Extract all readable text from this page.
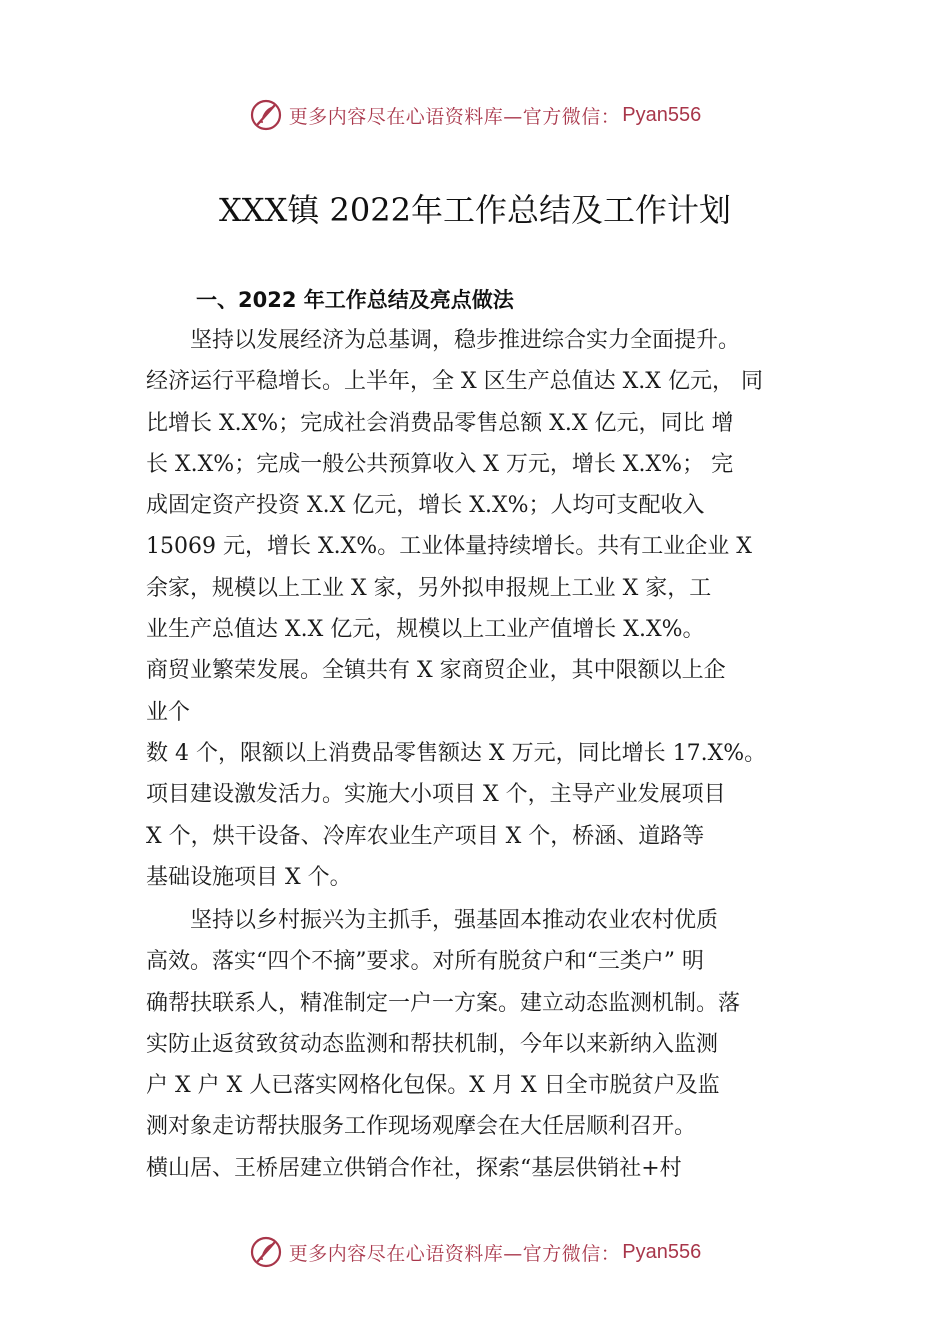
更多内容尽在心语资料库—官方微信： Pyan556
XXX镇 2022年工作总结及工作计划
一、2022 年工作总结及亮点做法
坚持以发展经济为总基调，稳步推进综合实力全面提升。
经济运行平稳增长。上半年，全 X 区生产总值达 X.X 亿元， 同
比增长 X.X%；完成社会消费品零售总额 X.X 亿元，同比 增
长 X.X%；完成一般公共预算收入 X 万元，增长 X.X%； 完
成固定资产投资 X.X 亿元，增长 X.X%；人均可支配收入
15069 元，增长 X.X%。工业体量持续增长。共有工业企业 X
余家，规模以上工业 X 家，另外拟申报规上工业 X 家，工
业生产总值达 X.X 亿元，规模以上工业产值增长 X.X%。
商贸业繁荣发展。全镇共有 X 家商贸企业，其中限额以上企
业个
数 4 个，限额以上消费品零售额达 X 万元，同比增长 17.X%。
项目建设激发活力。实施大小项目 X 个，主导产业发展项目
X 个，烘干设备、冷库农业生产项目 X 个，桥涵、道路等
基础设施项目 X 个。
坚持以乡村振兴为主抓手，强基固本推动农业农村优质
高效。落实“四个不摘”要求。对所有脱贫户和“三类户” 明
确帮扶联系人，精准制定一户一方案。建立动态监测机制。落
实防止返贫致贫动态监测和帮扶机制，今年以来新纳入监测
户 X 户 X 人已落实网格化包保。X 月 X 日全市脱贫户及监
测对象走访帮扶服务工作现场观摩会在大任居顺利召开。
横山居、王桥居建立供销合作社，探索“基层供销社+村
更多内容尽在心语资料库—官方微信： Pyan556
